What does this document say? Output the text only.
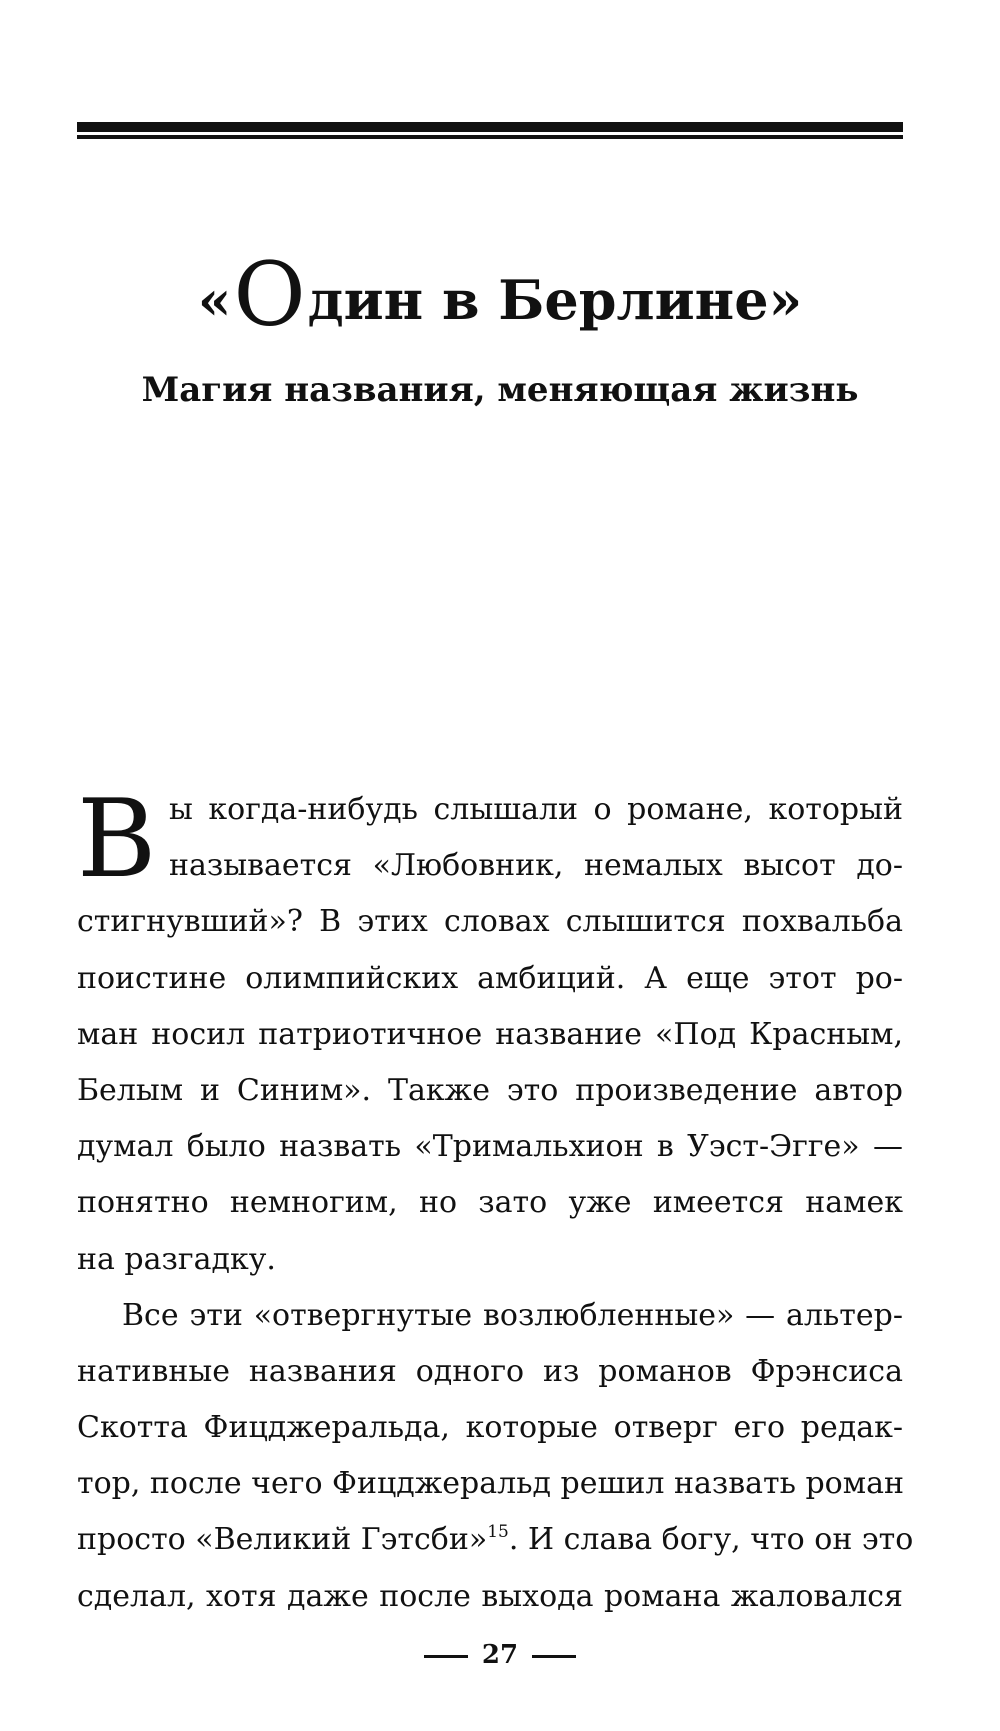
«Один в Берлине»
Магия названия, меняющая жизнь
В ы когда-нибудь слышали о романе, который
называется «Любовник, немалых высот до-
стигнувший»? В этих словах слышится похвальба
поистине олимпийских амбиций. А еще этот ро-
ман носил патриотичное название «Под Красным,
Белым и Синим». Также это произведение автор
думал было назвать «Тримальхион в Уэст-Эгге» —
понятно немногим, но зато уже имеется намек
на разгадку.
Все эти «отвергнутые возлюбленные» — альтер-
нативные названия одного из романов Фрэнсиса
Скотта Фицджеральда, которые отверг его редак-
тор, после чего Фицджеральд решил назвать роман
просто «Великий Гэтсби»$^{15}$. И слава богу, что он это
сделал, хотя даже после выхода романа жаловался
27
